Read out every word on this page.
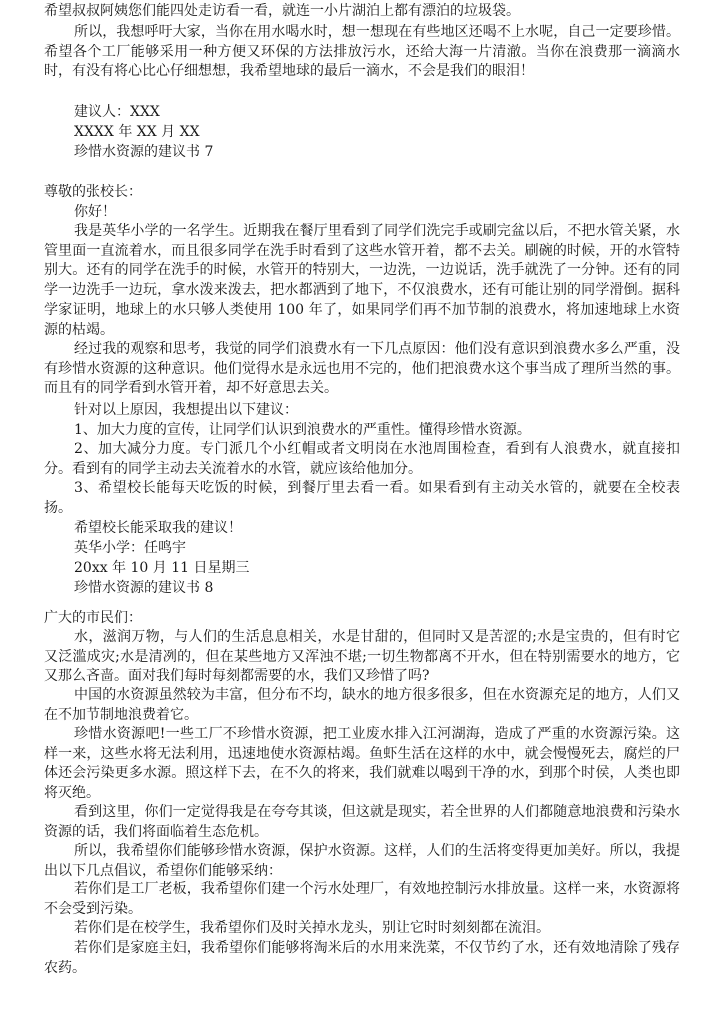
希望叔叔阿姨您们能四处走访看一看，就连一小片湖泊上都有漂泊的垃圾袋。

所以，我想呼吁大家，当你在用水喝水时，想一想现在有些地区还喝不上水呢，自己一定要珍惜。希望各个工厂能够采用一种方便又环保的方法排放污水，还给大海一片清澈。当你在浪费那一滴滴水时，有没有将心比心仔细想想，我希望地球的最后一滴水，不会是我们的眼泪！

建议人：XXX

XXXX 年 XX 月 XX

珍惜水资源的建议书 7

尊敬的张校长：

你好！

我是英华小学的一名学生。近期我在餐厅里看到了同学们洗完手或刷完盆以后，不把水管关紧，水管里面一直流着水，而且很多同学在洗手时看到了这些水管开着，都不去关。刷碗的时候，开的水管特别大。还有的同学在洗手的时候，水管开的特别大，一边洗，一边说话，洗手就洗了一分钟。还有的同学一边洗手一边玩，拿水泼来泼去，把水都洒到了地下，不仅浪费水，还有可能让别的同学滑倒。据科学家证明，地球上的水只够人类使用 100 年了，如果同学们再不加节制的浪费水，将加速地球上水资源的枯竭。

经过我的观察和思考，我觉的同学们浪费水有一下几点原因：他们没有意识到浪费水多么严重，没有珍惜水资源的这种意识。他们觉得水是永远也用不完的，他们把浪费水这个事当成了理所当然的事。而且有的同学看到水管开着，却不好意思去关。

针对以上原因，我想提出以下建议：

1、加大力度的宣传，让同学们认识到浪费水的严重性。懂得珍惜水资源。

2、加大减分力度。专门派几个小红帽或者文明岗在水池周围检查，看到有人浪费水，就直接扣分。看到有的同学主动去关流着水的水管，就应该给他加分。

3、希望校长能每天吃饭的时候，到餐厅里去看一看。如果看到有主动关水管的，就要在全校表扬。

希望校长能采取我的建议！

英华小学：任鸣宇

20xx 年 10 月 11 日星期三

珍惜水资源的建议书 8

广大的市民们：

水，滋润万物，与人们的生活息息相关，水是甘甜的，但同时又是苦涩的;水是宝贵的，但有时它又泛滥成灾;水是清冽的，但在某些地方又浑浊不堪;一切生物都离不开水，但在特别需要水的地方，它又那么吝啬。面对我们每时每刻都需要的水，我们又珍惜了吗?

中国的水资源虽然较为丰富，但分布不均，缺水的地方很多很多，但在水资源充足的地方，人们又在不加节制地浪费着它。

珍惜水资源吧!一些工厂不珍惜水资源，把工业废水排入江河湖海，造成了严重的水资源污染。这样一来，这些水将无法利用，迅速地使水资源枯竭。鱼虾生活在这样的水中，就会慢慢死去，腐烂的尸体还会污染更多水源。照这样下去，在不久的将来，我们就难以喝到干净的水，到那个时侯，人类也即将灭绝。

看到这里，你们一定觉得我是在夸夸其谈，但这就是现实，若全世界的人们都随意地浪费和污染水资源的话，我们将面临着生态危机。

所以，我希望你们能够珍惜水资源，保护水资源。这样，人们的生活将变得更加美好。所以，我提出以下几点倡议，希望你们能够采纳：

若你们是工厂老板，我希望你们建一个污水处理厂，有效地控制污水排放量。这样一来，水资源将不会受到污染。

若你们是在校学生，我希望你们及时关掉水龙头，别让它时时刻刻都在流泪。

若你们是家庭主妇，我希望你们能够将淘米后的水用来洗菜，不仅节约了水，还有效地清除了残存农药。
